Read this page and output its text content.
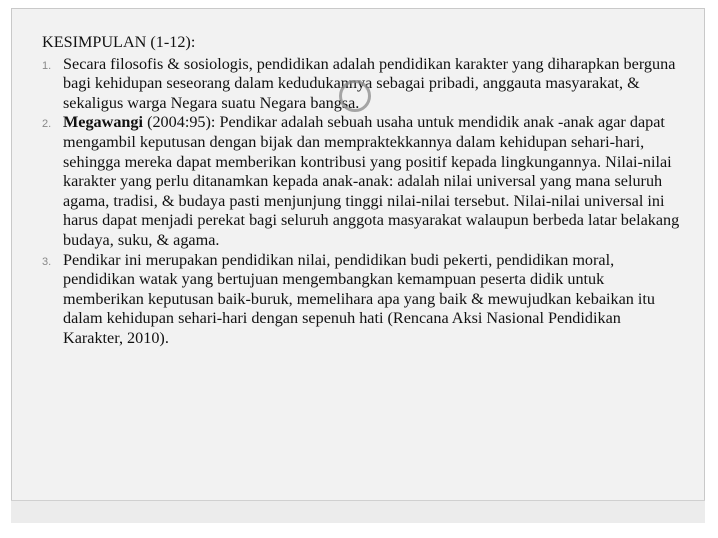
KESIMPULAN (1-12):
1. Secara filosofis & sosiologis, pendidikan adalah pendidikan karakter yang diharapkan berguna bagi kehidupan seseorang dalam kedudukannya sebagai pribadi, anggauta masyarakat, & sekaligus warga Negara suatu Negara bangsa.

2. Megawangi (2004:95): Pendikar adalah sebuah usaha untuk mendidik anak -anak agar dapat mengambil keputusan dengan bijak dan mempraktekkannya dalam kehidupan sehari-hari, sehingga mereka dapat memberikan kontribusi yang positif kepada lingkungannya. Nilai-nilai karakter yang perlu ditanamkan kepada anak-anak: adalah nilai universal yang mana seluruh agama, tradisi, & budaya pasti menjunjung tinggi nilai-nilai tersebut. Nilai-nilai universal ini harus dapat menjadi perekat bagi seluruh anggota masyarakat walaupun berbeda latar belakang budaya, suku, & agama.

3. Pendikar ini merupakan pendidikan nilai, pendidikan budi pekerti, pendidikan moral, pendidikan watak yang bertujuan mengembangkan kemampuan peserta didik untuk memberikan keputusan baik-buruk, memelihara apa yang baik & mewujudkan kebaikan itu dalam kehidupan sehari-hari dengan sepenuh hati (Rencana Aksi Nasional Pendidikan Karakter, 2010).
